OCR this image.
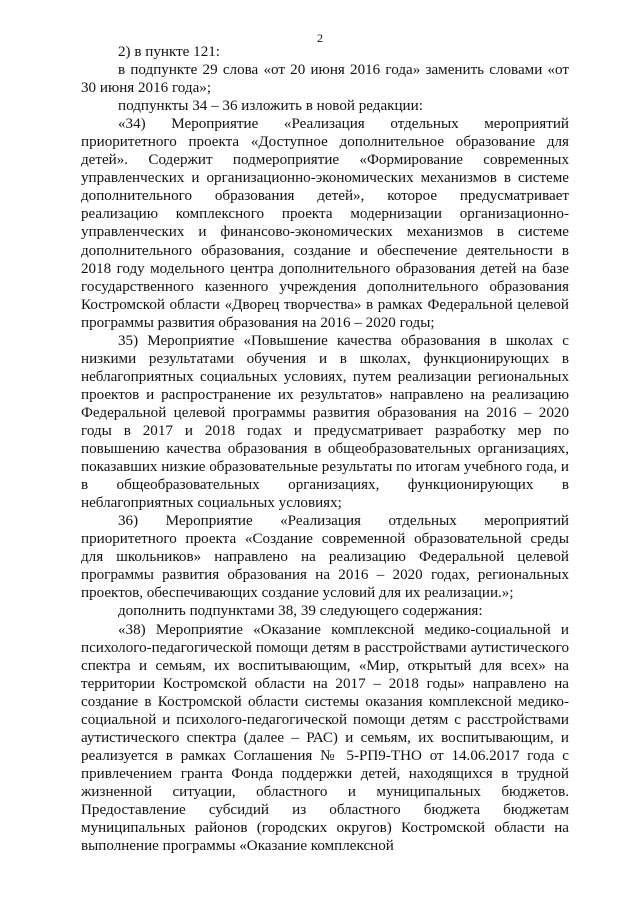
2

2) в пункте 121:

в подпункте 29 слова «от 20 июня 2016 года» заменить словами «от 30 июня 2016 года»;

подпункты 34 – 36 изложить в новой редакции:

«34) Мероприятие «Реализация отдельных мероприятий приоритетного проекта «Доступное дополнительное образование для детей». Содержит подмероприятие «Формирование современных управленческих и организационно-экономических механизмов в системе дополнительного образования детей», которое предусматривает реализацию комплексного проекта модернизации организационно-управленческих и финансово-экономических механизмов в системе дополнительного образования, создание и обеспечение деятельности в 2018 году модельного центра дополнительного образования детей на базе государственного казенного учреждения дополнительного образования Костромской области «Дворец творчества» в рамках Федеральной целевой программы развития образования на 2016 – 2020 годы;

35) Мероприятие «Повышение качества образования в школах с низкими результатами обучения и в школах, функционирующих в неблагоприятных социальных условиях, путем реализации региональных проектов и распространение их результатов» направлено на реализацию Федеральной целевой программы развития образования на 2016 – 2020 годы в 2017 и 2018 годах и предусматривает разработку мер по повышению качества образования в общеобразовательных организациях, показавших низкие образовательные результаты по итогам учебного года, и в общеобразовательных организациях, функционирующих в неблагоприятных социальных условиях;

36) Мероприятие «Реализация отдельных мероприятий приоритетного проекта «Создание современной образовательной среды для школьников» направлено на реализацию Федеральной целевой программы развития образования на 2016 – 2020 годах, региональных проектов, обеспечивающих создание условий для их реализации.»;

дополнить подпунктами 38, 39 следующего содержания:

«38) Мероприятие «Оказание комплексной медико-социальной и психолого-педагогической помощи детям в расстройствами аутистического спектра и семьям, их воспитывающим, «Мир, открытый для всех» на территории Костромской области на 2017 – 2018 годы» направлено на создание в Костромской области системы оказания комплексной медико-социальной и психолого-педагогической помощи детям с расстройствами аутистического спектра (далее – РАС) и семьям, их воспитывающим, и реализуется в рамках Соглашения № 5-РП9-ТНО от 14.06.2017 года с привлечением гранта Фонда поддержки детей, находящихся в трудной жизненной ситуации, областного и муниципальных бюджетов. Предоставление субсидий из областного бюджета бюджетам муниципальных районов (городских округов) Костромской области на выполнение программы «Оказание комплексной
